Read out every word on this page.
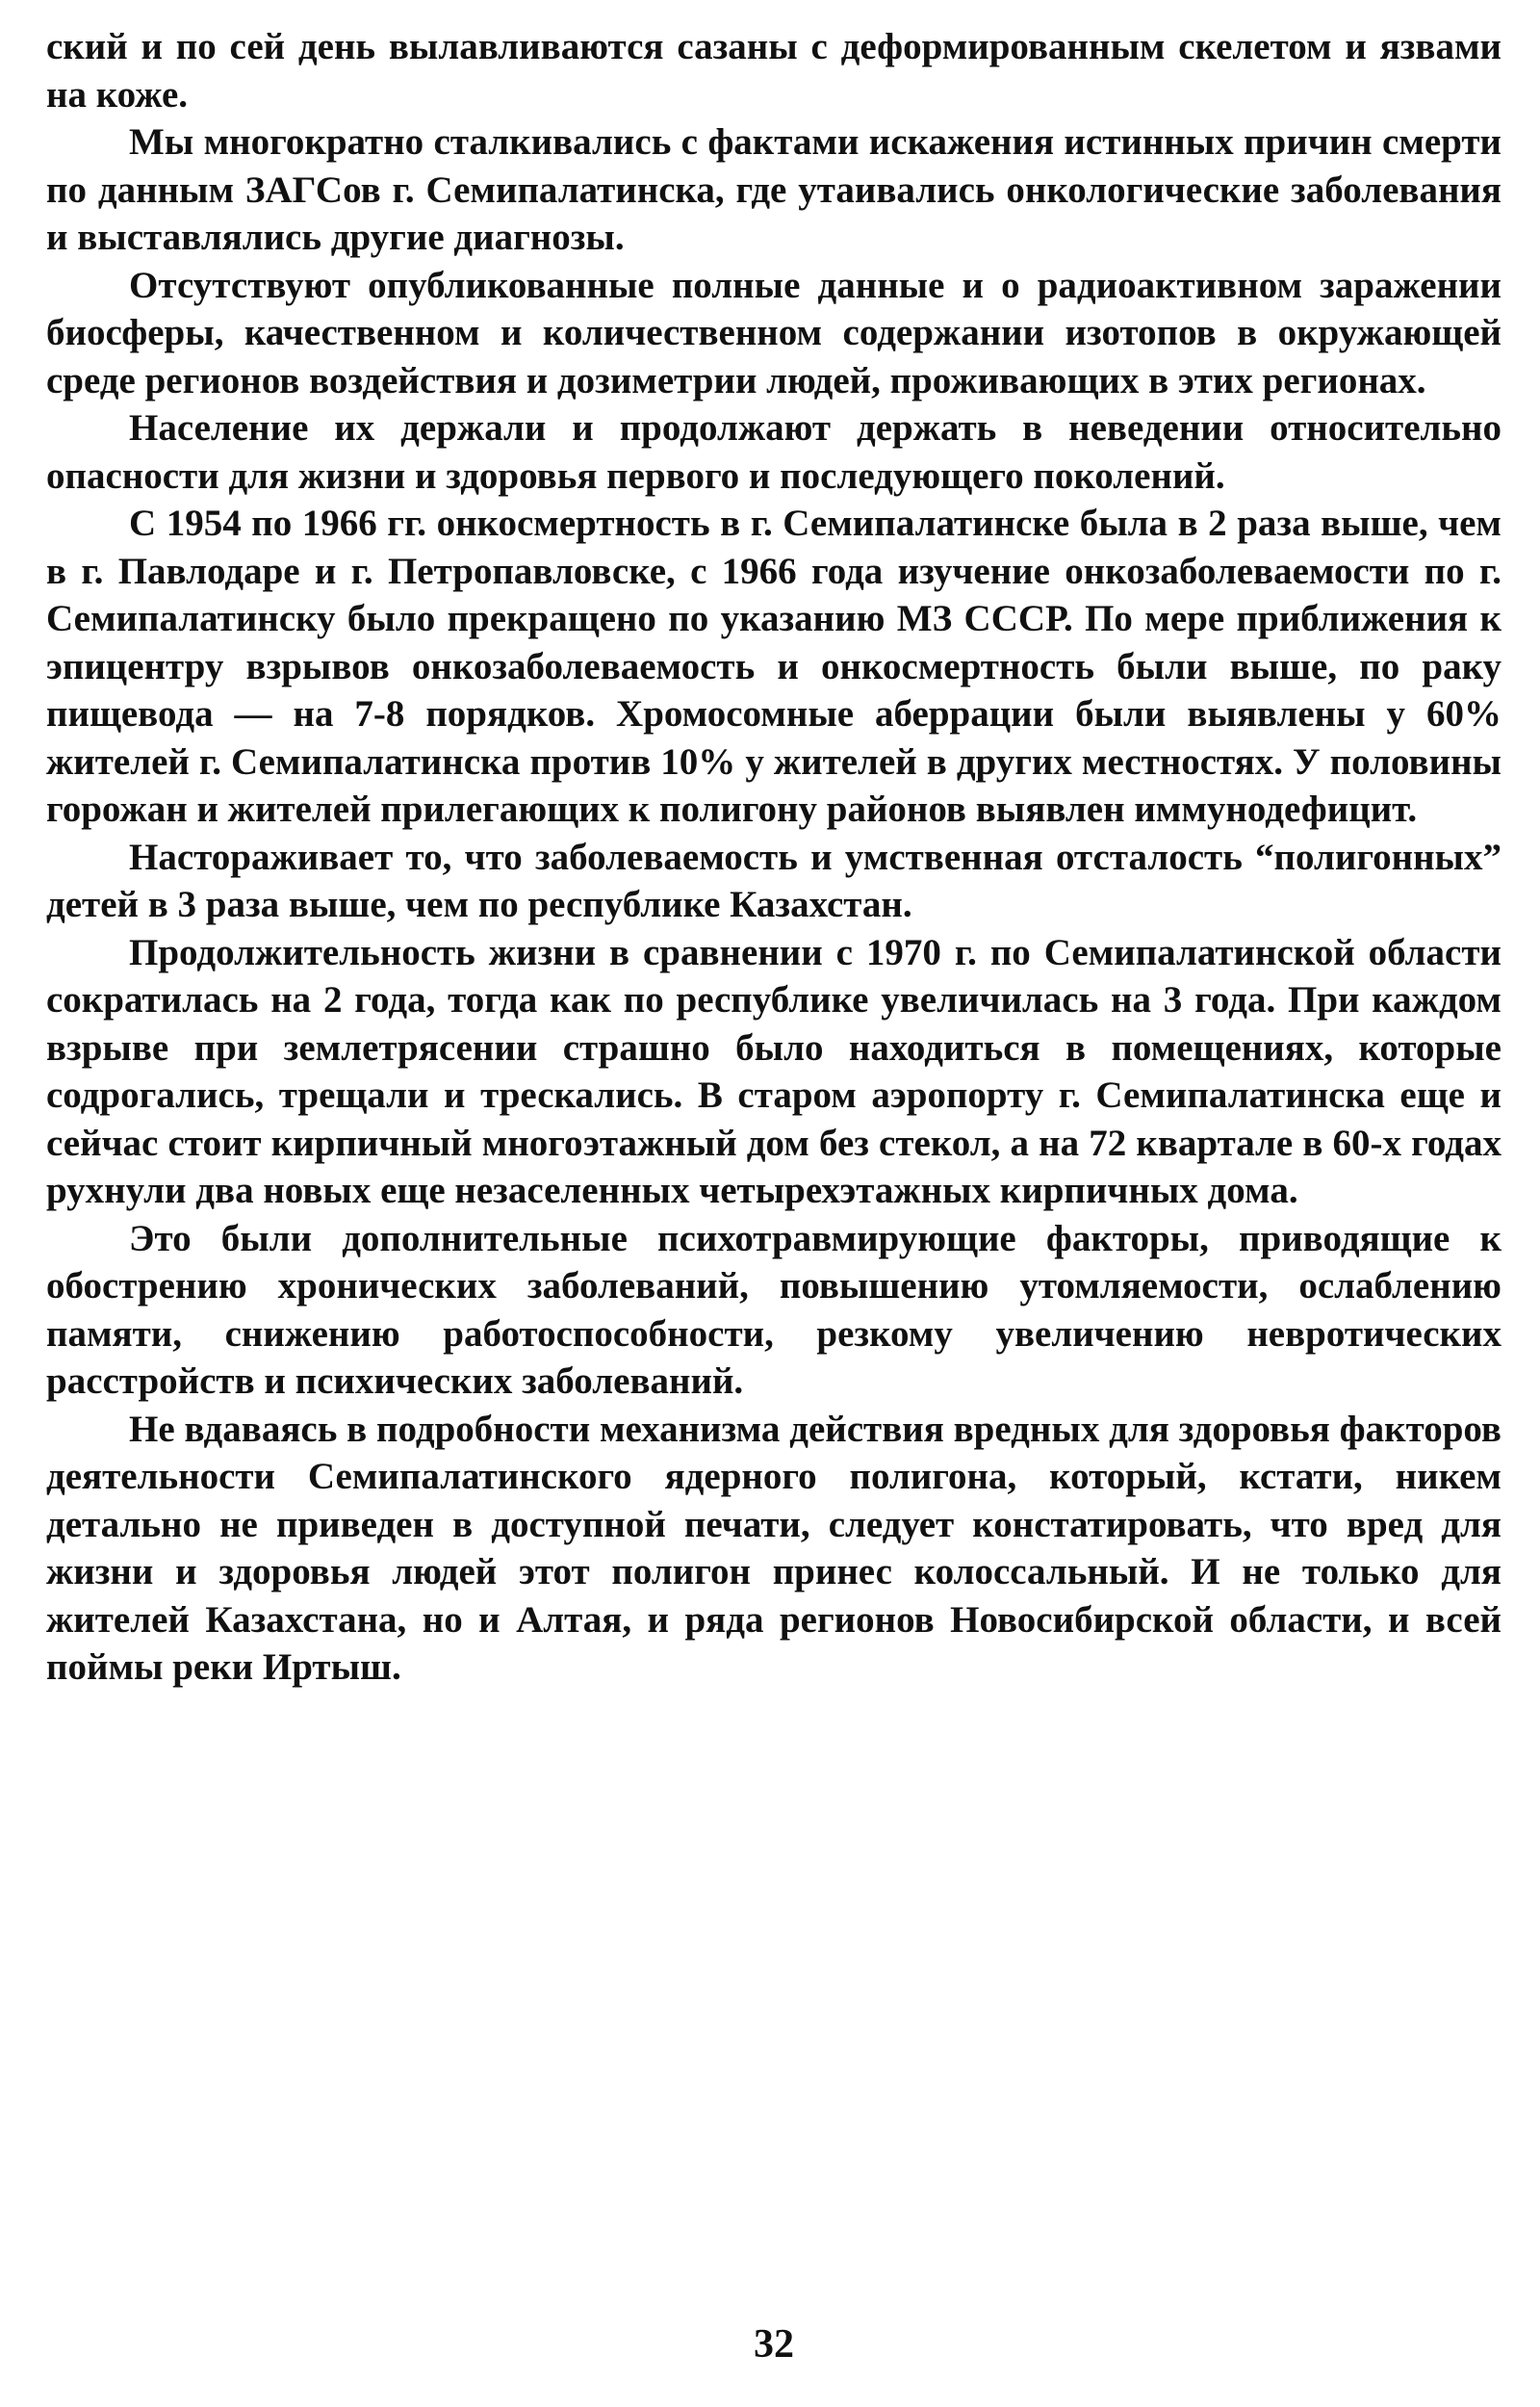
ский и по сей день вылавливаются сазаны с деформированным скелетом и язвами на коже.

Мы многократно сталкивались с фактами искажения истинных причин смерти по данным ЗАГСов г. Семипалатинска, где утаивались онкологические заболевания и выставлялись другие диагнозы.

Отсутствуют опубликованные полные данные и о радиоактивном заражении биосферы, качественном и количественном содержании изотопов в окружающей среде регионов воздействия и дозиметрии людей, проживающих в этих регионах.

Население их держали и продолжают держать в неведении относительно опасности для жизни и здоровья первого и последующего поколений.

С 1954 по 1966 гг. онкосмертность в г. Семипалатинске была в 2 раза выше, чем в г. Павлодаре и г. Петропавловске, с 1966 года изучение онкозаболеваемости по г. Семипалатинску было прекращено по указанию МЗ СССР. По мере приближения к эпицентру взрывов онкозаболеваемость и онкосмертность были выше, по раку пищевода — на 7-8 порядков. Хромосомные аберрации были выявлены у 60% жителей г. Семипалатинска против 10% у жителей в других местностях. У половины горожан и жителей прилегающих к полигону районов выявлен иммунодефицит.

Настораживает то, что заболеваемость и умственная отсталость “полигонных” детей в 3 раза выше, чем по республике Казахстан.

Продолжительность жизни в сравнении с 1970 г. по Семипалатинской области сократилась на 2 года, тогда как по республике увеличилась на 3 года. При каждом взрыве при землетрясении страшно было находиться в помещениях, которые содрогались, трещали и трескались. В старом аэропорту г. Семипалатинска еще и сейчас стоит кирпичный многоэтажный дом без стекол, а на 72 квартале в 60-х годах рухнули два новых еще незаселенных четырехэтажных кирпичных дома.

Это были дополнительные психотравмирующие факторы, приводящие к обострению хронических заболеваний, повышению утомляемости, ослаблению памяти, снижению работоспособности, резкому увеличению невротических расстройств и психических заболеваний.

Не вдаваясь в подробности механизма действия вредных для здоровья факторов деятельности Семипалатинского ядерного полигона, который, кстати, никем детально не приведен в доступной печати, следует констатировать, что вред для жизни и здоровья людей этот полигон принес колоссальный. И не только для жителей Казахстана, но и Алтая, и ряда регионов Новосибирской области, и всей поймы реки Иртыш.

32
